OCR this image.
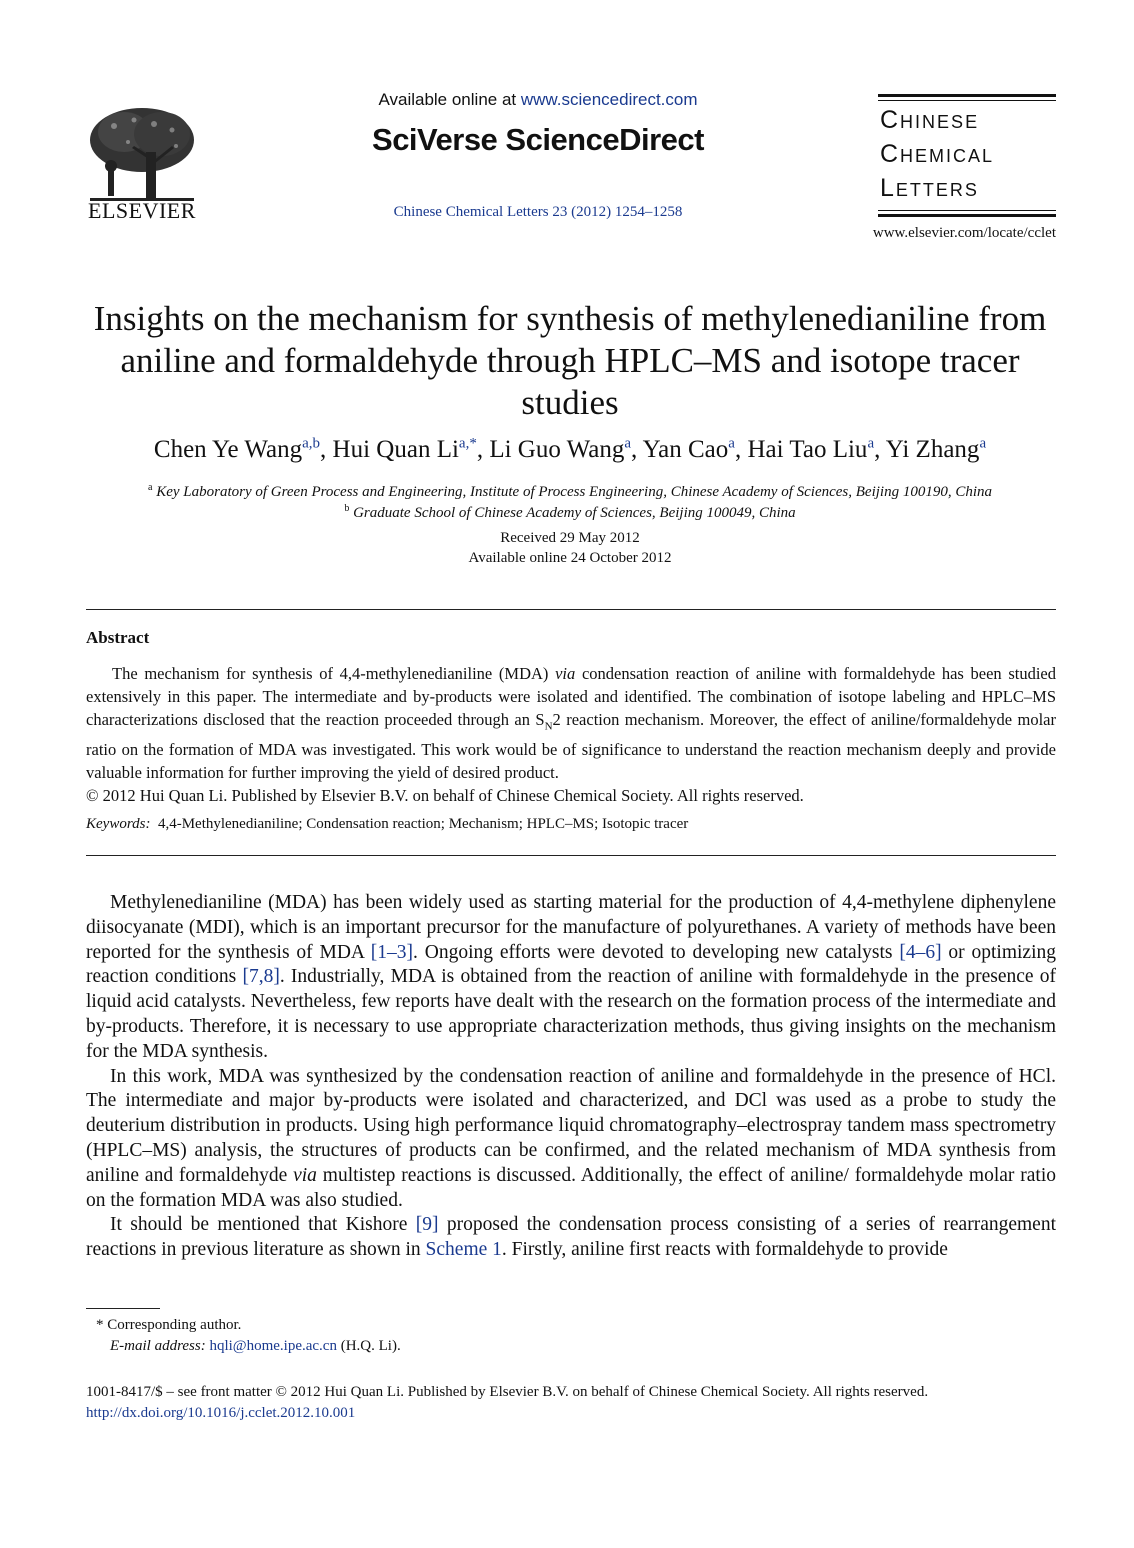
ELSEVIER
Available online at www.sciencedirect.com
SciVerse ScienceDirect
Chinese Chemical Letters 23 (2012) 1254–1258
Chinese
Chemical
Letters
www.elsevier.com/locate/cclet
Insights on the mechanism for synthesis of methylenedianiline from aniline and formaldehyde through HPLC–MS and isotope tracer studies
Chen Ye Wang$^{a,b}$, Hui Quan $Li^{a,*}$, Li Guo Wang$^a$, Yan Cao$^a$, Hai Tao Liu$^a$, Yi Zhang$^a$
$^a$ Key Laboratory of Green Process and Engineering, Institute of Process Engineering, Chinese Academy of Sciences, Beijing 100190, China
$^b$ Graduate School of Chinese Academy of Sciences, Beijing 100049, China
Received 29 May 2012
Available online 24 October 2012
Abstract

The mechanism for synthesis of 4,4-methylenedianiline (MDA) via condensation reaction of aniline with formaldehyde has been studied extensively in this paper. The intermediate and by-products were isolated and identified. The combination of isotope labeling and HPLC–MS characterizations disclosed that the reaction proceeded through an $S_N2$ reaction mechanism. Moreover, the effect of aniline/formaldehyde molar ratio on the formation of MDA was investigated. This work would be of significance to understand the reaction mechanism deeply and provide valuable information for further improving the yield of desired product.

© 2012 Hui Quan Li. Published by Elsevier B.V. on behalf of Chinese Chemical Society. All rights reserved.

Keywords: 4,4-Methylenedianiline; Condensation reaction; Mechanism; HPLC–MS; Isotopic tracer

Methylenedianiline (MDA) has been widely used as starting material for the production of 4,4-methylene diphenylene diisocyanate (MDI), which is an important precursor for the manufacture of polyurethanes. A variety of methods have been reported for the synthesis of MDA [1–3]. Ongoing efforts were devoted to developing new catalysts [4–6] or optimizing reaction conditions [7,8]. Industrially, MDA is obtained from the reaction of aniline with formaldehyde in the presence of liquid acid catalysts. Nevertheless, few reports have dealt with the research on the formation process of the intermediate and by-products. Therefore, it is necessary to use appropriate characterization methods, thus giving insights on the mechanism for the MDA synthesis.

In this work, MDA was synthesized by the condensation reaction of aniline and formaldehyde in the presence of HCl. The intermediate and major by-products were isolated and characterized, and DCl was used as a probe to study the deuterium distribution in products. Using high performance liquid chromatography–electrospray tandem mass spectrometry (HPLC–MS) analysis, the structures of products can be confirmed, and the related mechanism of MDA synthesis from aniline and formaldehyde via multistep reactions is discussed. Additionally, the effect of aniline/ formaldehyde molar ratio on the formation MDA was also studied.

It should be mentioned that Kishore [9] proposed the condensation process consisting of a series of rearrangement reactions in previous literature as shown in Scheme 1. Firstly, aniline first reacts with formaldehyde to provide

* Corresponding author.
E-mail address: hqli@home.ipe.ac.cn (H.Q. Li).
1001-8417/$ – see front matter © 2012 Hui Quan Li. Published by Elsevier B.V. on behalf of Chinese Chemical Society. All rights reserved.
http://dx.doi.org/10.1016/j.cclet.2012.10.001
